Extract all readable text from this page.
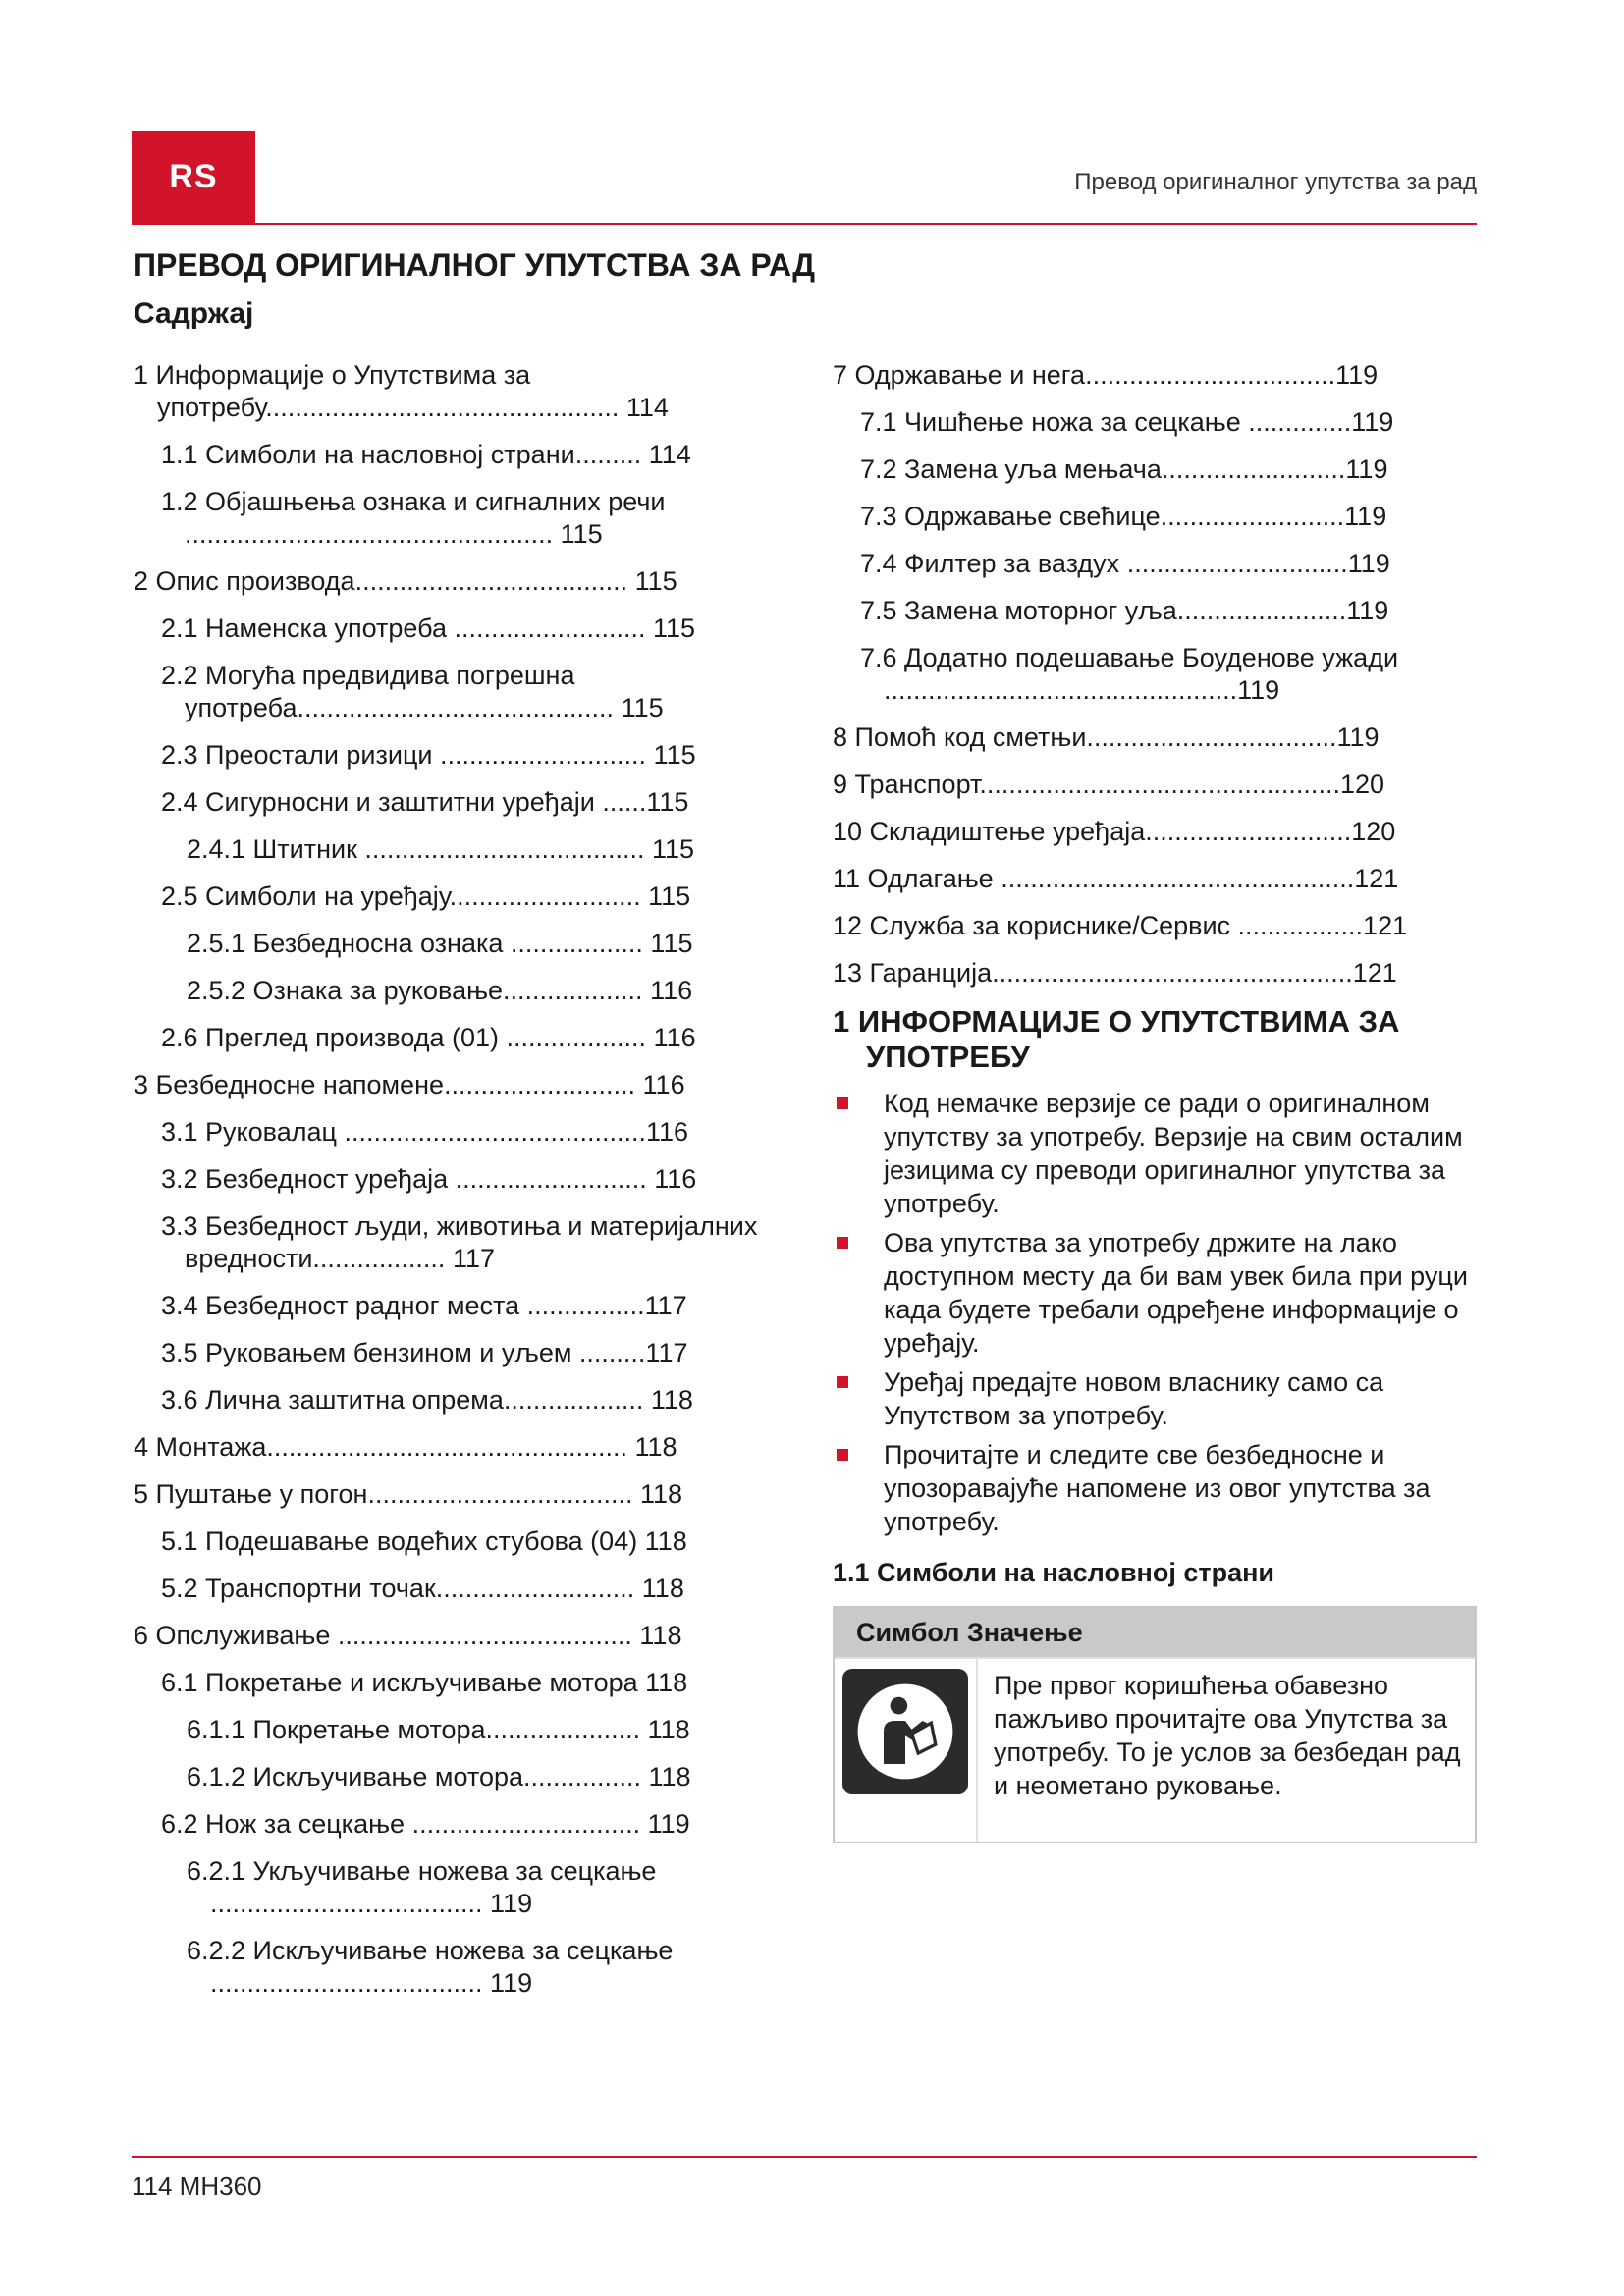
RS	Превод оригиналног упутства за рад
ПРЕВОД ОРИГИНАЛНОГ УПУТСТВА ЗА РАД
Садржај
1 Информације о Упутствима за употребу................................................ 114
1.1 Симболи на насловној страни......... 114
1.2 Објашњења ознака и сигналних речи .................................................. 115
2 Опис производа..................................... 115
2.1 Наменска употреба .......................... 115
2.2 Могућа предвидива погрешна употреба........................................... 115
2.3 Преостали ризици ............................ 115
2.4 Сигурносни и заштитни уређаји ......115
2.4.1 Штитник ...................................... 115
2.5 Симболи на уређају.......................... 115
2.5.1 Безбедносна ознака .................. 115
2.5.2 Ознака за руковање................... 116
2.6 Преглед производа (01) ................... 116
3 Безбедносне напомене.......................... 116
3.1 Руковалац .........................................116
3.2 Безбедност уређаја .......................... 116
3.3 Безбедност људи, животиња и материјалних вредности.................. 117
3.4 Безбедност радног места ................117
3.5 Руковањем бензином и уљем .........117
3.6 Лична заштитна опрема................... 118
4 Монтажа................................................. 118
5 Пуштање у погон.................................... 118
5.1 Подешавање водећих стубова (04) 118
5.2 Транспортни точак........................... 118
6 Опслуживање ........................................ 118
6.1 Покретање и искључивање мотора 118
6.1.1 Покретање мотора..................... 118
6.1.2 Искључивање мотора................ 118
6.2 Нож за сецкање ............................... 119
6.2.1 Укључивање ножева за сецкање ..................................... 119
6.2.2 Искључивање ножева за сецкање ..................................... 119
7 Одржавање и нега..................................119
7.1 Чишћење ножа за сецкање ..............119
7.2 Замена уља мењача.........................119
7.3 Одржавање свећице.........................119
7.4 Филтер за ваздух ..............................119
7.5 Замена моторног уља.......................119
7.6 Додатно подешавање Боуденове ужади ................................................119
8 Помоћ код сметњи..................................119
9 Транспорт.................................................120
10 Складиштење уређаја............................120
11 Одлагање ................................................121
12 Служба за кориснике/Сервис .................121
13 Гаранција.................................................121
1 ИНФОРМАЦИЈЕ О УПУТСТВИМА ЗА УПОТРЕБУ
Код немачке верзије се ради о оригиналном упутству за употребу. Верзије на свим осталим језицима су преводи оригиналног упутства за употребу.
Ова упутства за употребу држите на лако доступном месту да би вам увек била при руци када будете требали одређене информације о уређају.
Уређај предајте новом власнику само са Упутством за употребу.
Прочитајте и следите све безбедносне и упозоравајуће напомене из овог упутства за употребу.
1.1 Симболи на насловној страни
Симбол Значење
Пре првог коришћења обавезно пажљиво прочитајте ова Упутства за употребу. То је услов за безбедан рад и неометано руковање.
114 MH360
